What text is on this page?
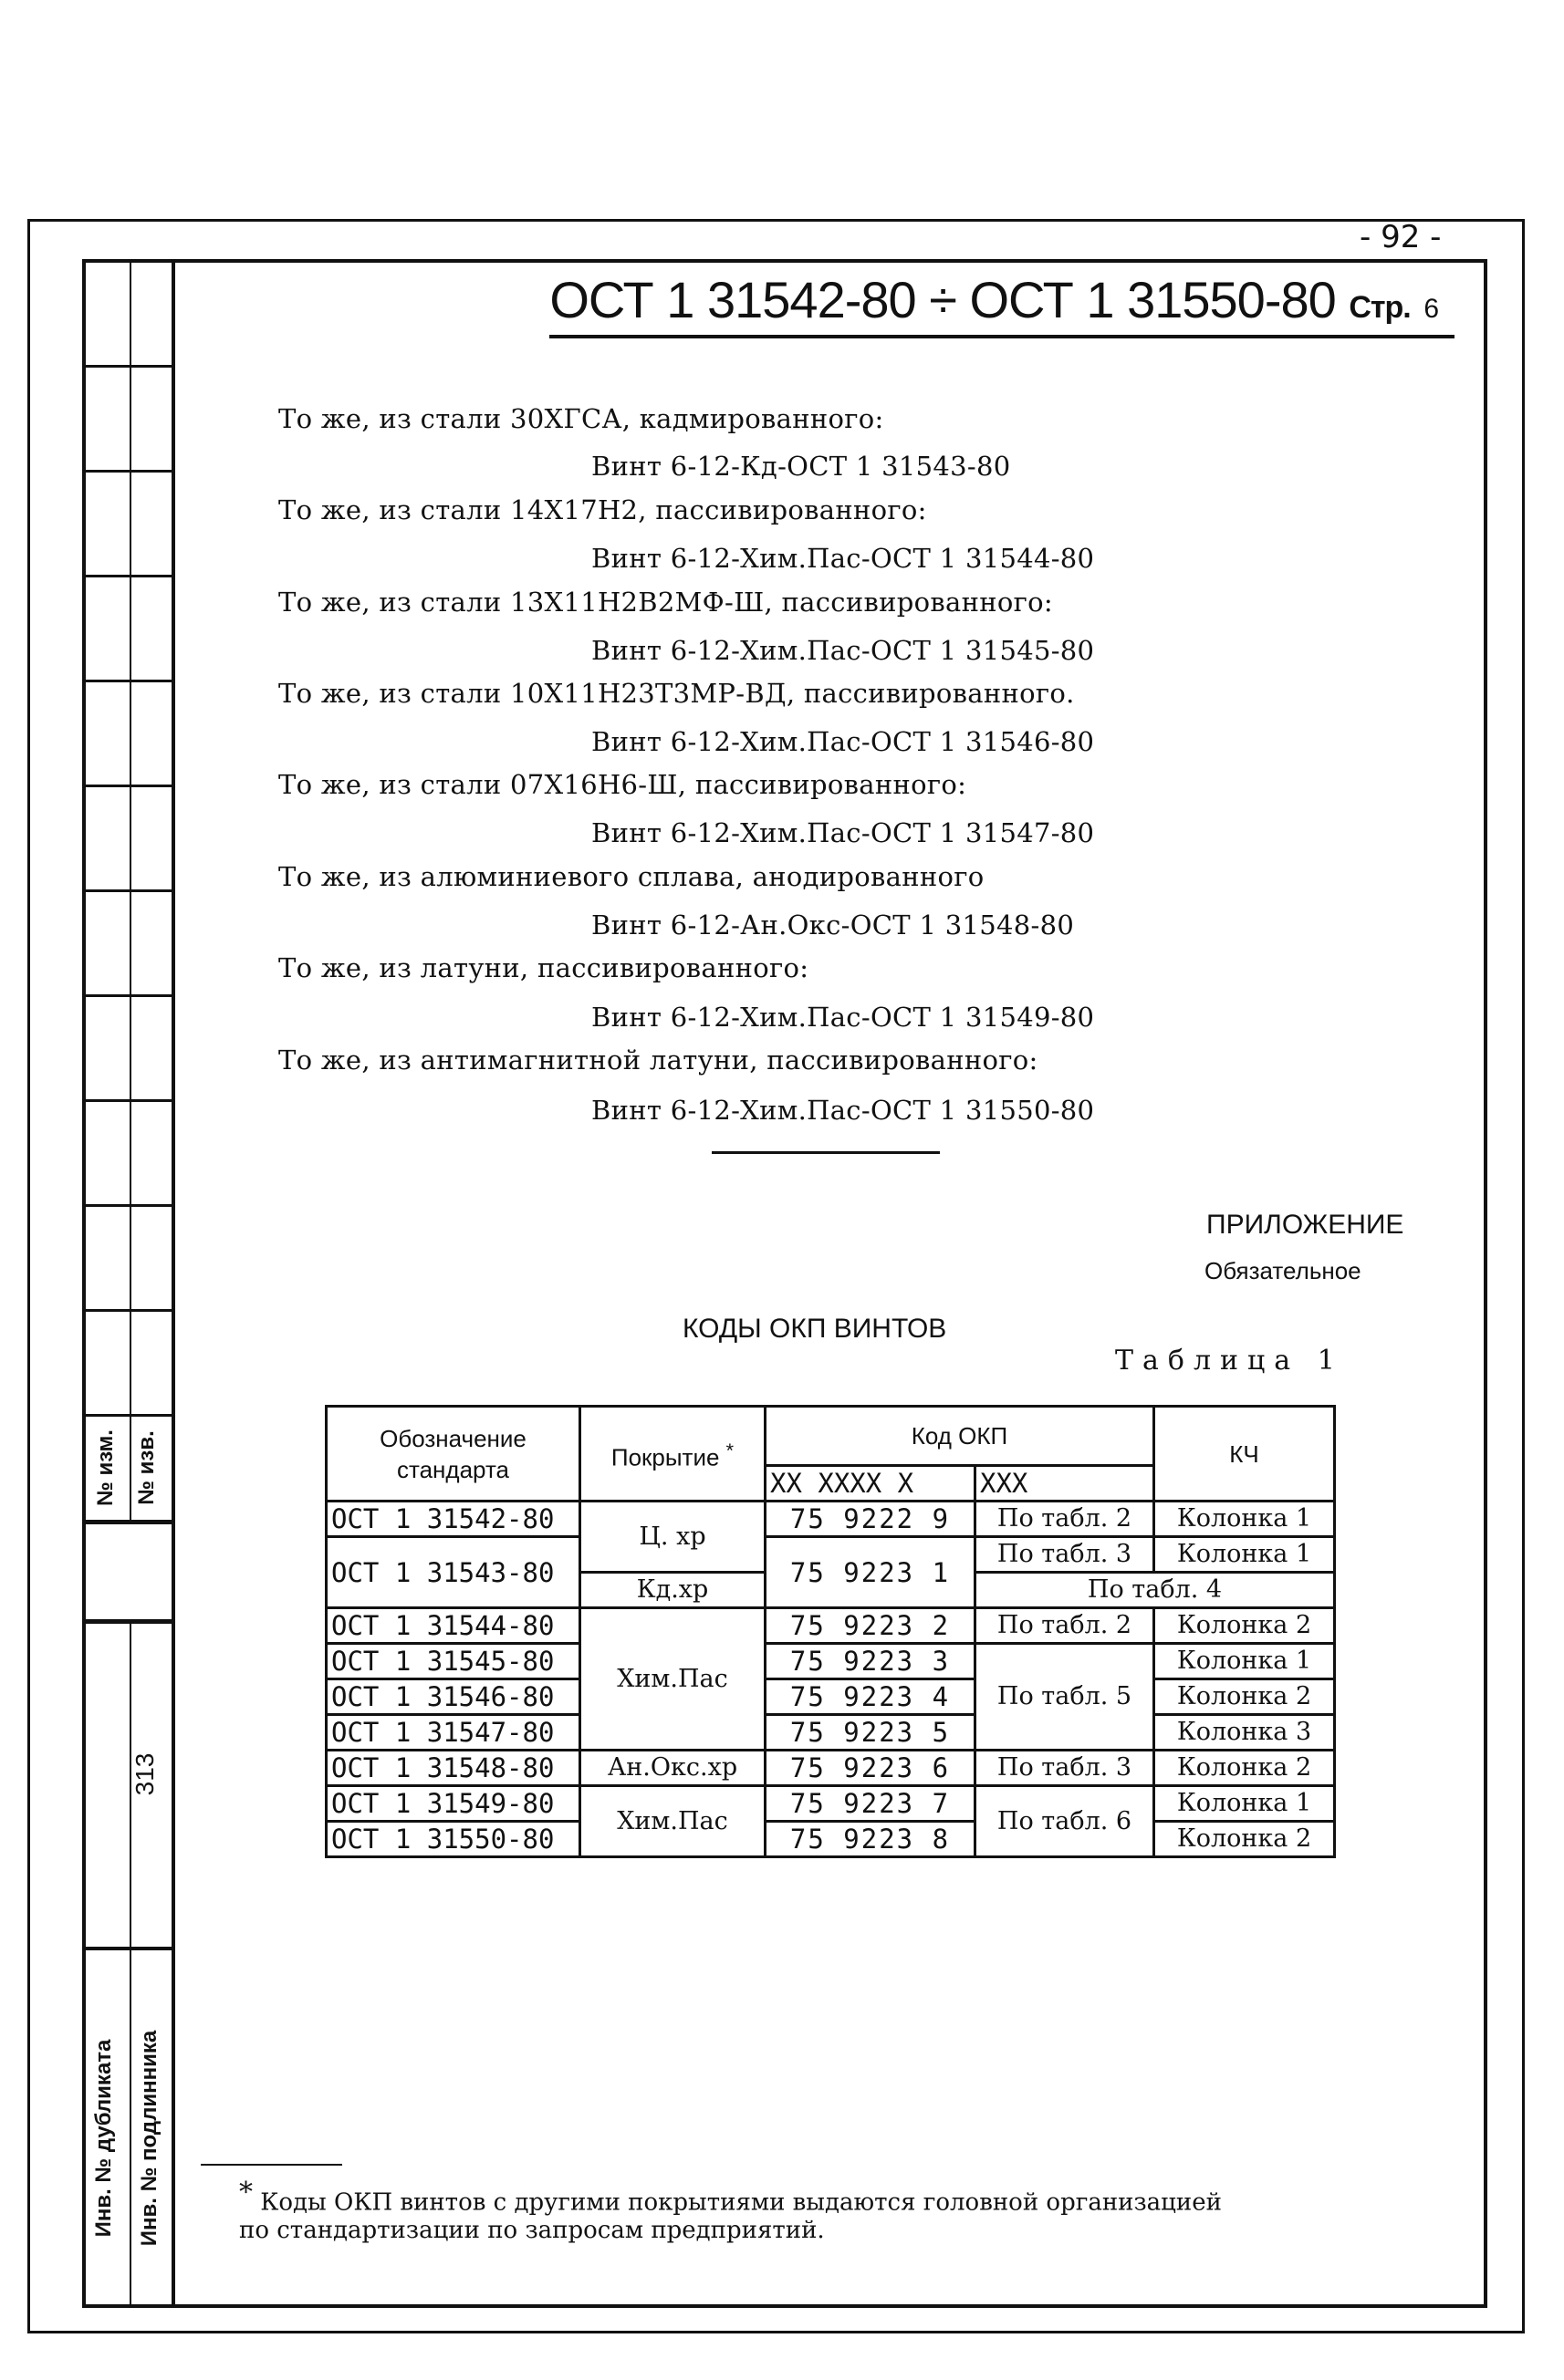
№ изм. № изв.
313
Инв. № дубликата Инв. № подлинника
- 92 -
ОСТ 1 31542-80 ÷ ОСТ 1 31550-80 Стр. 6
То же, из стали 30ХГСА, кадмированного:
Винт 6-12-Кд-ОСТ 1 31543-80
То же, из стали 14Х17Н2, пассивированного:
Винт 6-12-Хим.Пас-ОСТ 1 31544-80
То же, из стали 13Х11Н2В2МФ-Ш, пассивированного:
Винт 6-12-Хим.Пас-ОСТ 1 31545-80
То же, из стали 10Х11Н23Т3МР-ВД, пассивированного.
Винт 6-12-Хим.Пас-ОСТ 1 31546-80
То же, из стали 07Х16Н6-Ш, пассивированного:
Винт 6-12-Хим.Пас-ОСТ 1 31547-80
То же, из алюминиевого сплава, анодированного
Винт 6-12-Ан.Окс-ОСТ 1 31548-80
То же, из латуни, пассивированного:
Винт 6-12-Хим.Пас-ОСТ 1 31549-80
То же, из антимагнитной латуни, пассивированного:
Винт 6-12-Хим.Пас-ОСТ 1 31550-80
ПРИЛОЖЕНИЕ
Обязательное
КОДЫ ОКП ВИНТОВ
Таблица 1
Обозначение стандарта	Покрытие *	Код ОКП		КЧ
		ХХ ХХХХ Х	ХХХ	
ОСТ 1 31542-80	Ц. хр	75 9222 9	По табл. 2	Колонка 1
ОСТ 1 31543-80		75 9223 1	По табл. 3	Колонка 1
	Кд.хр		По табл. 4	
ОСТ 1 31544-80	Хим.Пас	75 9223 2	По табл. 2	Колонка 2
ОСТ 1 31545-80		75 9223 3	По табл. 5	Колонка 1
ОСТ 1 31546-80		75 9223 4		Колонка 2
ОСТ 1 31547-80		75 9223 5		Колонка 3
ОСТ 1 31548-80	Ан.Окс.хр	75 9223 6	По табл. 3	Колонка 2
ОСТ 1 31549-80	Хим.Пас	75 9223 7	По табл. 6	Колонка 1
ОСТ 1 31550-80		75 9223 8		Колонка 2
* Коды ОКП винтов с другими покрытиями выдаются головной организацией
по стандартизации по запросам предприятий.
